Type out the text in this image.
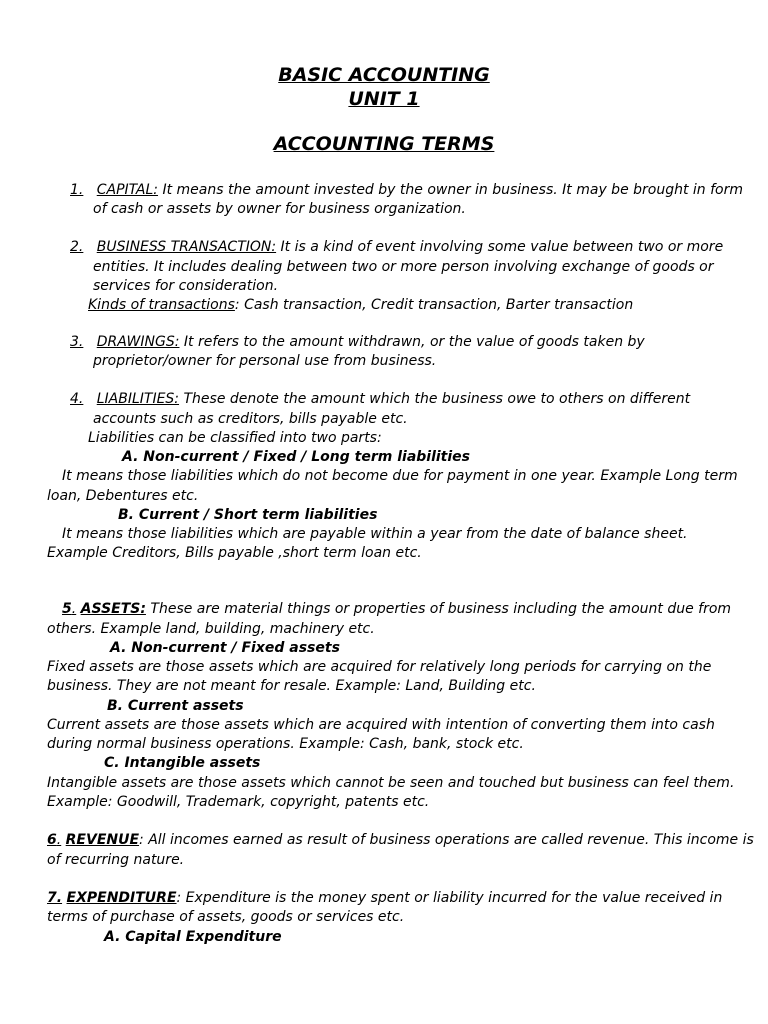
BASIC ACCOUNTING
UNIT 1
ACCOUNTING TERMS
1. CAPITAL: It means the amount invested by the owner in business. It may be brought in form
of cash or assets by owner for business organization.
2. BUSINESS TRANSACTION: It is a kind of event involving some value between two or more
entities. It includes dealing between two or more person involving exchange of goods or
services for consideration.
Kinds of transactions: Cash transaction, Credit transaction, Barter transaction
3. DRAWINGS: It refers to the amount withdrawn, or the value of goods taken by
proprietor/owner for personal use from business.
4. LIABILITIES: These denote the amount which the business owe to others on different
accounts such as creditors, bills payable etc.
Liabilities can be classified into two parts:
A. Non-current / Fixed / Long term liabilities
It means those liabilities which do not become due for payment in one year. Example Long term
loan, Debentures etc.
B. Current / Short term liabilities
It means those liabilities which are payable within a year from the date of balance sheet.
Example Creditors, Bills payable ,short term loan etc.
5. ASSETS: These are material things or properties of business including the amount due from
others. Example land, building, machinery etc.
A. Non-current / Fixed assets
Fixed assets are those assets which are acquired for relatively long periods for carrying on the
business. They are not meant for resale. Example: Land, Building etc.
B. Current assets
Current assets are those assets which are acquired with intention of converting them into cash
during normal business operations. Example: Cash, bank, stock etc.
C. Intangible assets
Intangible assets are those assets which cannot be seen and touched but business can feel them.
Example: Goodwill, Trademark, copyright, patents etc.
6. REVENUE: All incomes earned as result of business operations are called revenue. This income is
of recurring nature.
7. EXPENDITURE: Expenditure is the money spent or liability incurred for the value received in
terms of purchase of assets, goods or services etc.
A. Capital Expenditure
